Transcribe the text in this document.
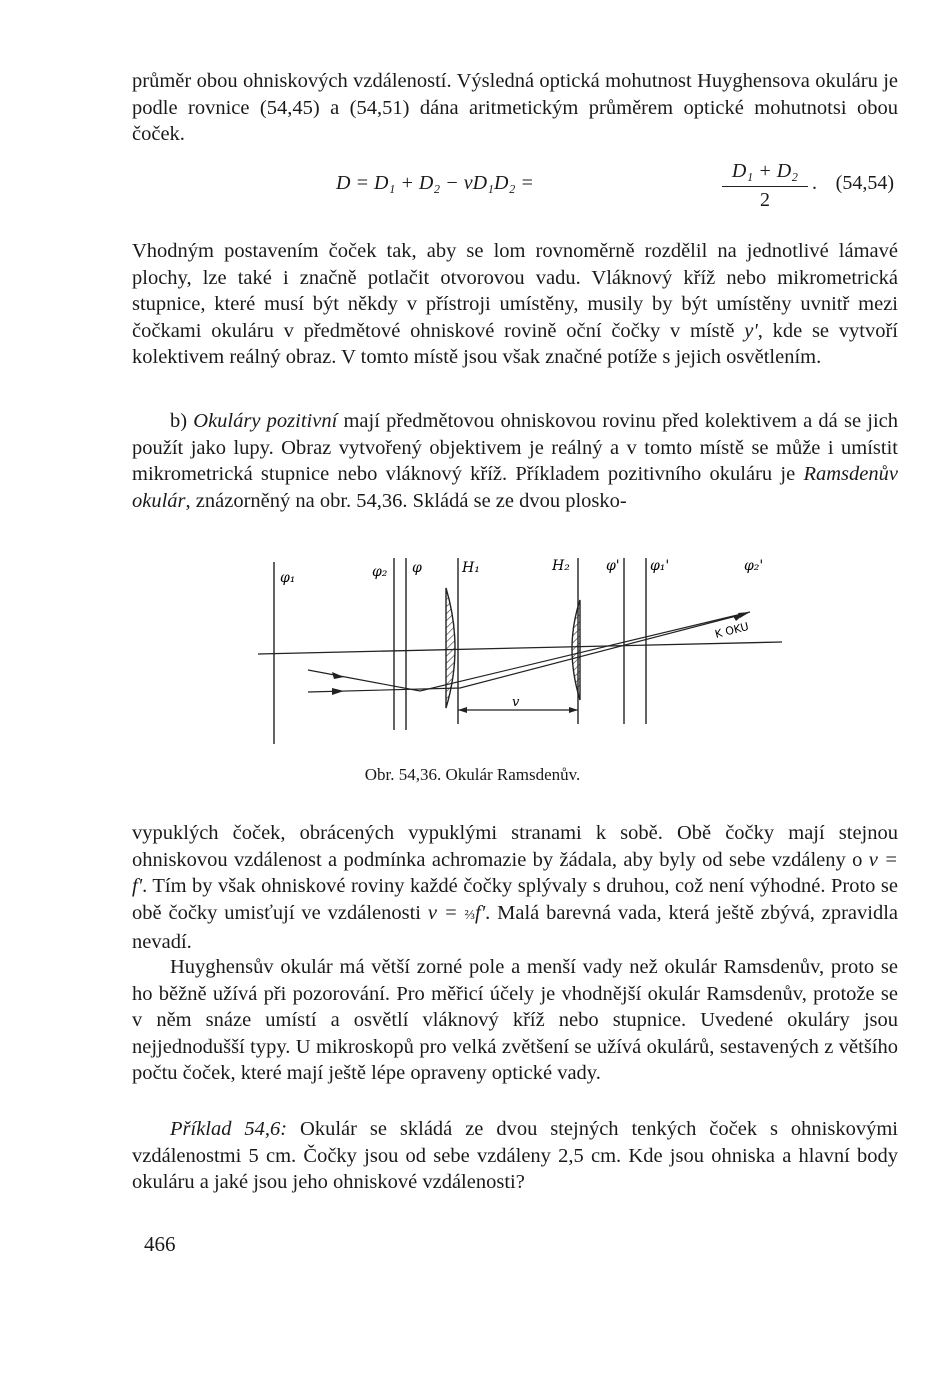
průměr obou ohniskových vzdáleností. Výsledná optická mohutnost Huyghensova okuláru je podle rovnice (54,45) a (54,51) dána aritmetickým průměrem optické mohutnotsi obou čoček.

D = D₁ + D₂ − vD₁D₂ =
D₁ + D₂
2
. (54,54)

Vhodným postavením čoček tak, aby se lom rovnoměrně rozdělil na jednotlivé lámavé plochy, lze také i značně potlačit otvorovou vadu. Vláknový kříž nebo mikrometrická stupnice, které musí být někdy v přístroji umístěny, musily by být umístěny uvnitř mezi čočkami okuláru v předmětové ohniskové rovině oční čočky v místě y', kde se vytvoří kolektivem reálný obraz. V tomto místě jsou však značné potíže s jejich osvětlením.

b) Okuláry pozitivní mají předmětovou ohniskovou rovinu před kolektivem a dá se jich použít jako lupy. Obraz vytvořený objektivem je reálný a v tomto místě se může i umístit mikrometrická stupnice nebo vláknový kříž. Příkladem pozitivního okuláru je Ramsdenův okulár, znázorněný na obr. 54,36. Skládá se ze dvou plosko-

φ₁	φ₂ φ	H₁	H₂	φ' φ₁'	φ₂'
v
K OKU
Obr. 54,36. Okulár Ramsdenův.

vypuklých čoček, obrácených vypuklými stranami k sobě. Obě čočky mají stejnou ohniskovou vzdálenost a podmínka achromazie by žádala, aby byly od sebe vzdáleny o v = f'. Tím by však ohniskové roviny každé čočky splývaly s druhou, což není výhodné. Proto se obě čočky umisťují ve vzdálenosti v = ⅔f'. Malá barevná vada, která ještě zbývá, zpravidla nevadí.

Huyghensův okulár má větší zorné pole a menší vady než okulár Ramsdenův, proto se ho běžně užívá při pozorování. Pro měřicí účely je vhodnější okulár Ramsdenův, protože se v něm snáze umístí a osvětlí vláknový kříž nebo stupnice. Uvedené okuláry jsou nejjednodušší typy. U mikroskopů pro velká zvětšení se užívá okulárů, sestavených z většího počtu čoček, které mají ještě lépe opraveny optické vady.

Příklad 54,6: Okulár se skládá ze dvou stejných tenkých čoček s ohniskovými vzdálenostmi 5 cm. Čočky jsou od sebe vzdáleny 2,5 cm. Kde jsou ohniska a hlavní body okuláru a jaké jsou jeho ohniskové vzdálenosti?

466
